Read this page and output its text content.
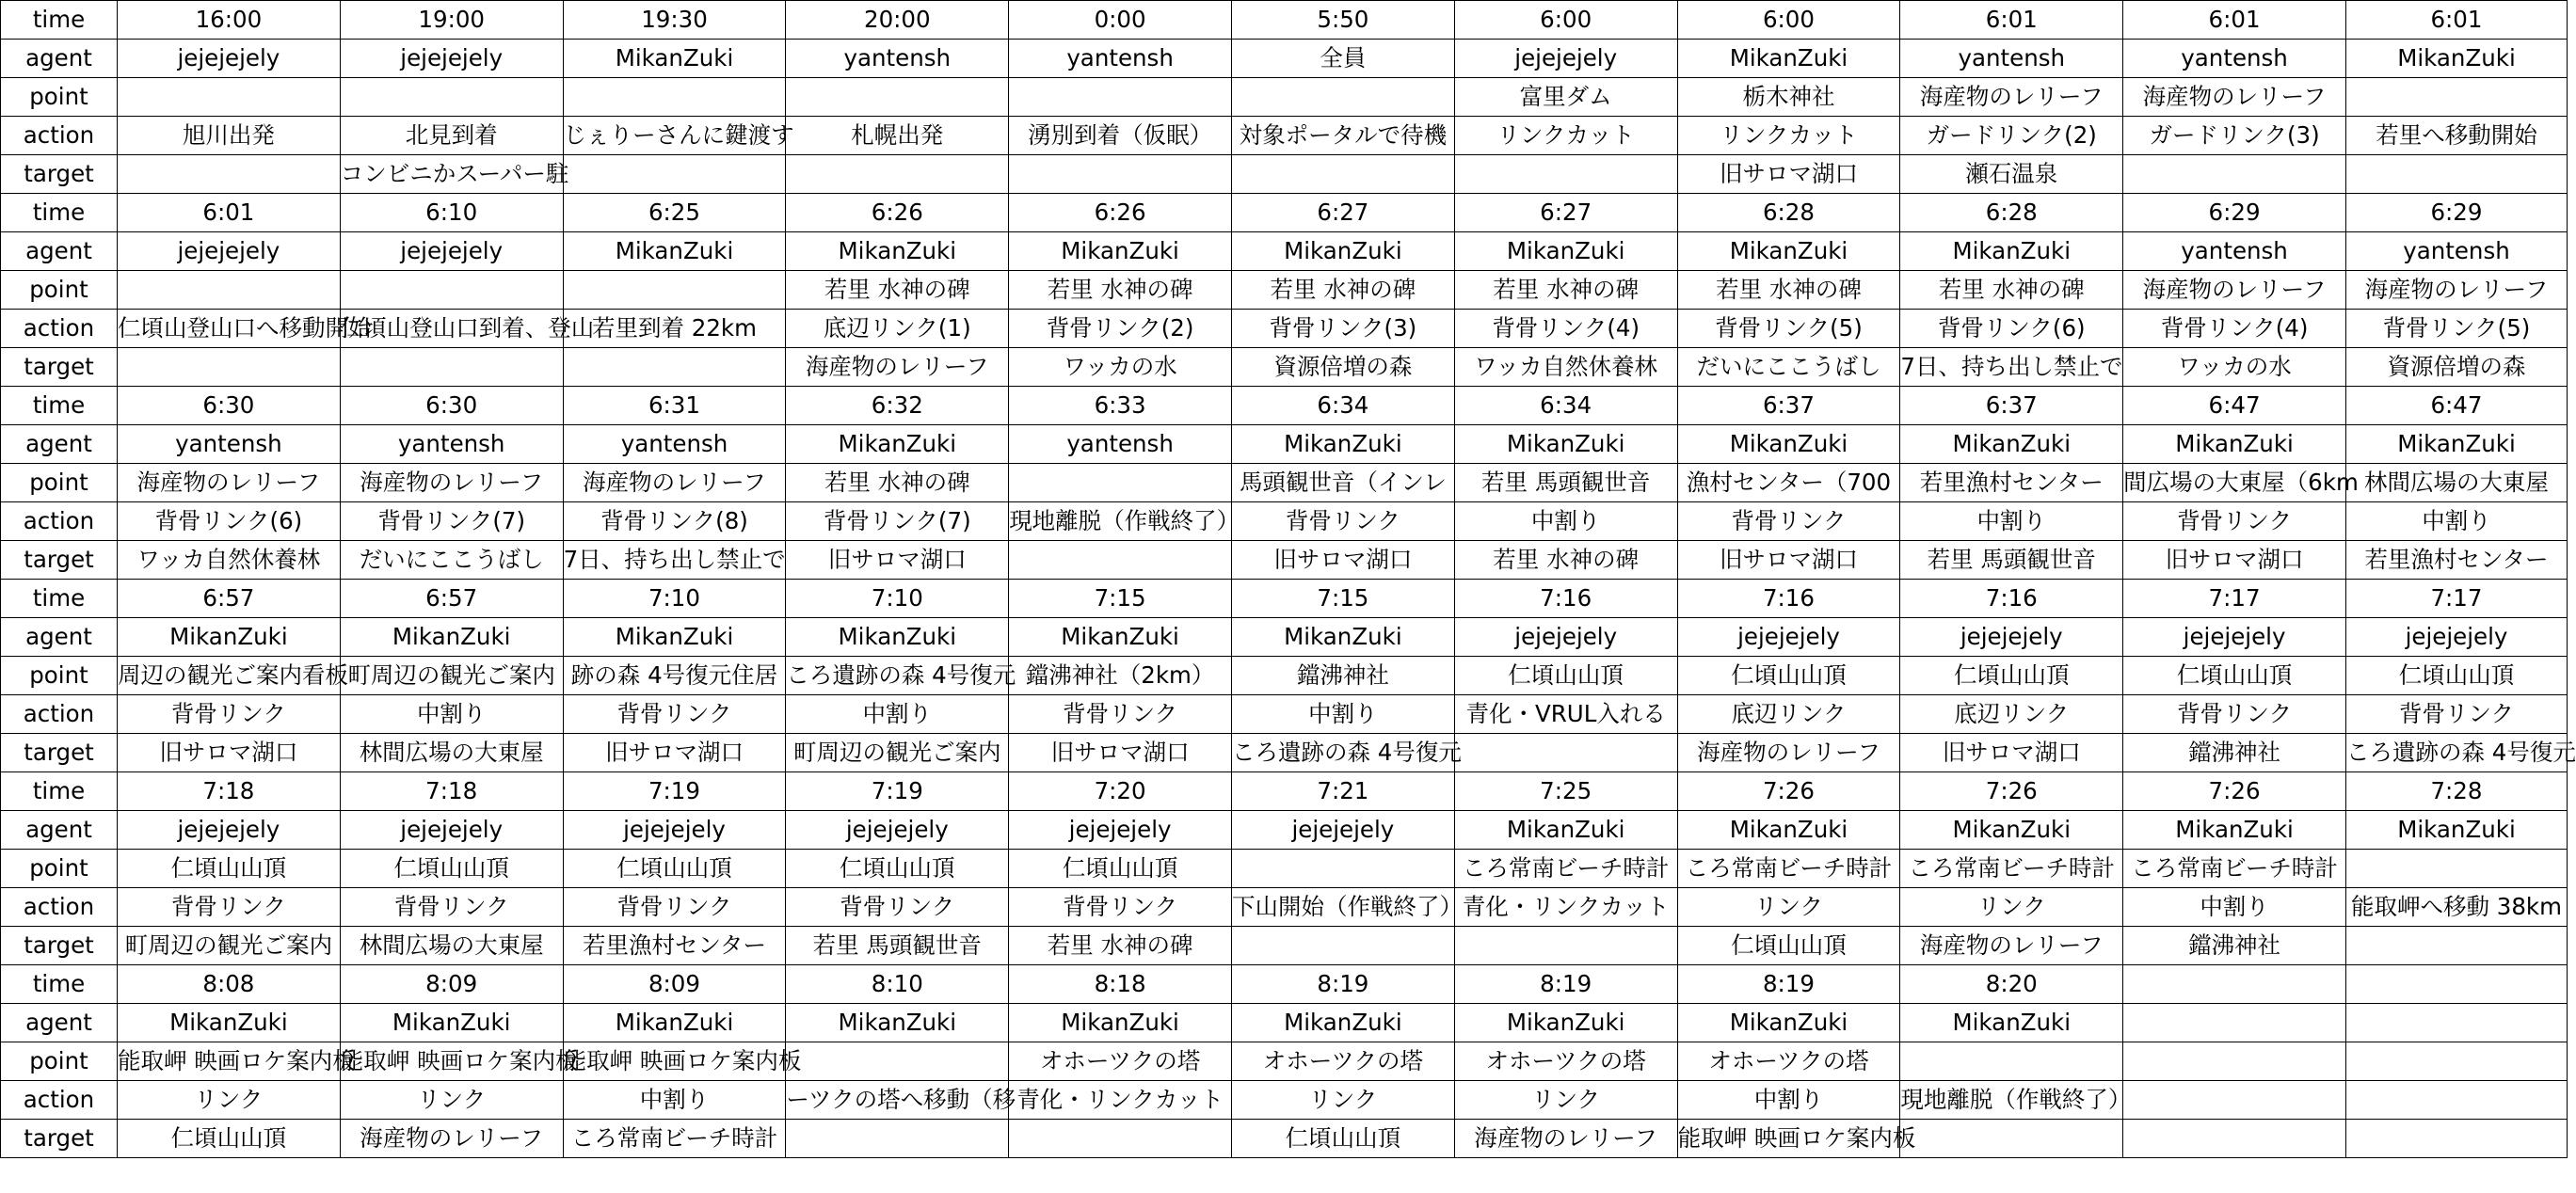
time	16:00	19:00	19:30	20:00	0:00	5:50	6:00	6:00	6:01	6:01	6:01
agent	jejejejely	jejejejely	MikanZuki	yantensh	yantensh	全員	jejejejely	MikanZuki	yantensh	yantensh	MikanZuki
point							富里ダム	栃木神社	海産物のレリーフ	海産物のレリーフ	
action	旭川出発	北見到着	じぇりーさんに鍵渡す	札幌出発	湧別到着（仮眠）	対象ポータルで待機	リンクカット	リンクカット	ガードリンク(2)	ガードリンク(3)	若里へ移動開始
target		コンビニかスーパー駐						旧サロマ湖口	瀬石温泉		
time	6:01	6:10	6:25	6:26	6:26	6:27	6:27	6:28	6:28	6:29	6:29
agent	jejejejely	jejejejely	MikanZuki	MikanZuki	MikanZuki	MikanZuki	MikanZuki	MikanZuki	MikanZuki	yantensh	yantensh
point				若里 水神の碑	若里 水神の碑	若里 水神の碑	若里 水神の碑	若里 水神の碑	若里 水神の碑	海産物のレリーフ	海産物のレリーフ
action	仁頃山登山口へ移動開始	仁頃山登山口到着、登山	若里到着 22km	底辺リンク(1)	背骨リンク(2)	背骨リンク(3)	背骨リンク(4)	背骨リンク(5)	背骨リンク(6)	背骨リンク(4)	背骨リンク(5)
target				海産物のレリーフ	ワッカの水	資源倍増の森	ワッカ自然休養林	だいにここうばし	7日、持ち出し禁止で	ワッカの水	資源倍増の森
time	6:30	6:30	6:31	6:32	6:33	6:34	6:34	6:37	6:37	6:47	6:47
agent	yantensh	yantensh	yantensh	MikanZuki	yantensh	MikanZuki	MikanZuki	MikanZuki	MikanZuki	MikanZuki	MikanZuki
point	海産物のレリーフ	海産物のレリーフ	海産物のレリーフ	若里 水神の碑		馬頭観世音（インレ	若里 馬頭観世音	漁村センター（700	若里漁村センター	間広場の大東屋（6km	林間広場の大東屋
action	背骨リンク(6)	背骨リンク(7)	背骨リンク(8)	背骨リンク(7)	現地離脱（作戦終了）	背骨リンク	中割り	背骨リンク	中割り	背骨リンク	中割り
target	ワッカ自然休養林	だいにここうばし	7日、持ち出し禁止で	旧サロマ湖口		旧サロマ湖口	若里 水神の碑	旧サロマ湖口	若里 馬頭観世音	旧サロマ湖口	若里漁村センター
time	6:57	6:57	7:10	7:10	7:15	7:15	7:16	7:16	7:16	7:17	7:17
agent	MikanZuki	MikanZuki	MikanZuki	MikanZuki	MikanZuki	MikanZuki	jejejejely	jejejejely	jejejejely	jejejejely	jejejejely
point	周辺の観光ご案内看板	町周辺の観光ご案内	跡の森 4号復元住居	ころ遺跡の森 4号復元	鐺沸神社（2km）	鐺沸神社	仁頃山山頂	仁頃山山頂	仁頃山山頂	仁頃山山頂	仁頃山山頂
action	背骨リンク	中割り	背骨リンク	中割り	背骨リンク	中割り	青化・VRUL入れる	底辺リンク	底辺リンク	背骨リンク	背骨リンク
target	旧サロマ湖口	林間広場の大東屋	旧サロマ湖口	町周辺の観光ご案内	旧サロマ湖口	ころ遺跡の森 4号復元		海産物のレリーフ	旧サロマ湖口	鐺沸神社	ころ遺跡の森 4号復元
time	7:18	7:18	7:19	7:19	7:20	7:21	7:25	7:26	7:26	7:26	7:28
agent	jejejejely	jejejejely	jejejejely	jejejejely	jejejejely	jejejejely	MikanZuki	MikanZuki	MikanZuki	MikanZuki	MikanZuki
point	仁頃山山頂	仁頃山山頂	仁頃山山頂	仁頃山山頂	仁頃山山頂		ころ常南ビーチ時計	ころ常南ビーチ時計	ころ常南ビーチ時計	ころ常南ビーチ時計	
action	背骨リンク	背骨リンク	背骨リンク	背骨リンク	背骨リンク	下山開始（作戦終了）	青化・リンクカット	リンク	リンク	中割り	能取岬へ移動 38km
target	町周辺の観光ご案内	林間広場の大東屋	若里漁村センター	若里 馬頭観世音	若里 水神の碑			仁頃山山頂	海産物のレリーフ	鐺沸神社	
time	8:08	8:09	8:09	8:10	8:18	8:19	8:19	8:19	8:20		
agent	MikanZuki	MikanZuki	MikanZuki	MikanZuki	MikanZuki	MikanZuki	MikanZuki	MikanZuki	MikanZuki		
point	能取岬 映画ロケ案内板	能取岬 映画ロケ案内板	能取岬 映画ロケ案内板		オホーツクの塔	オホーツクの塔	オホーツクの塔	オホーツクの塔			
action	リンク	リンク	中割り	ーツクの塔へ移動（移	青化・リンクカット	リンク	リンク	中割り	現地離脱（作戦終了）		
target	仁頃山山頂	海産物のレリーフ	ころ常南ビーチ時計			仁頃山山頂	海産物のレリーフ	能取岬 映画ロケ案内板			
